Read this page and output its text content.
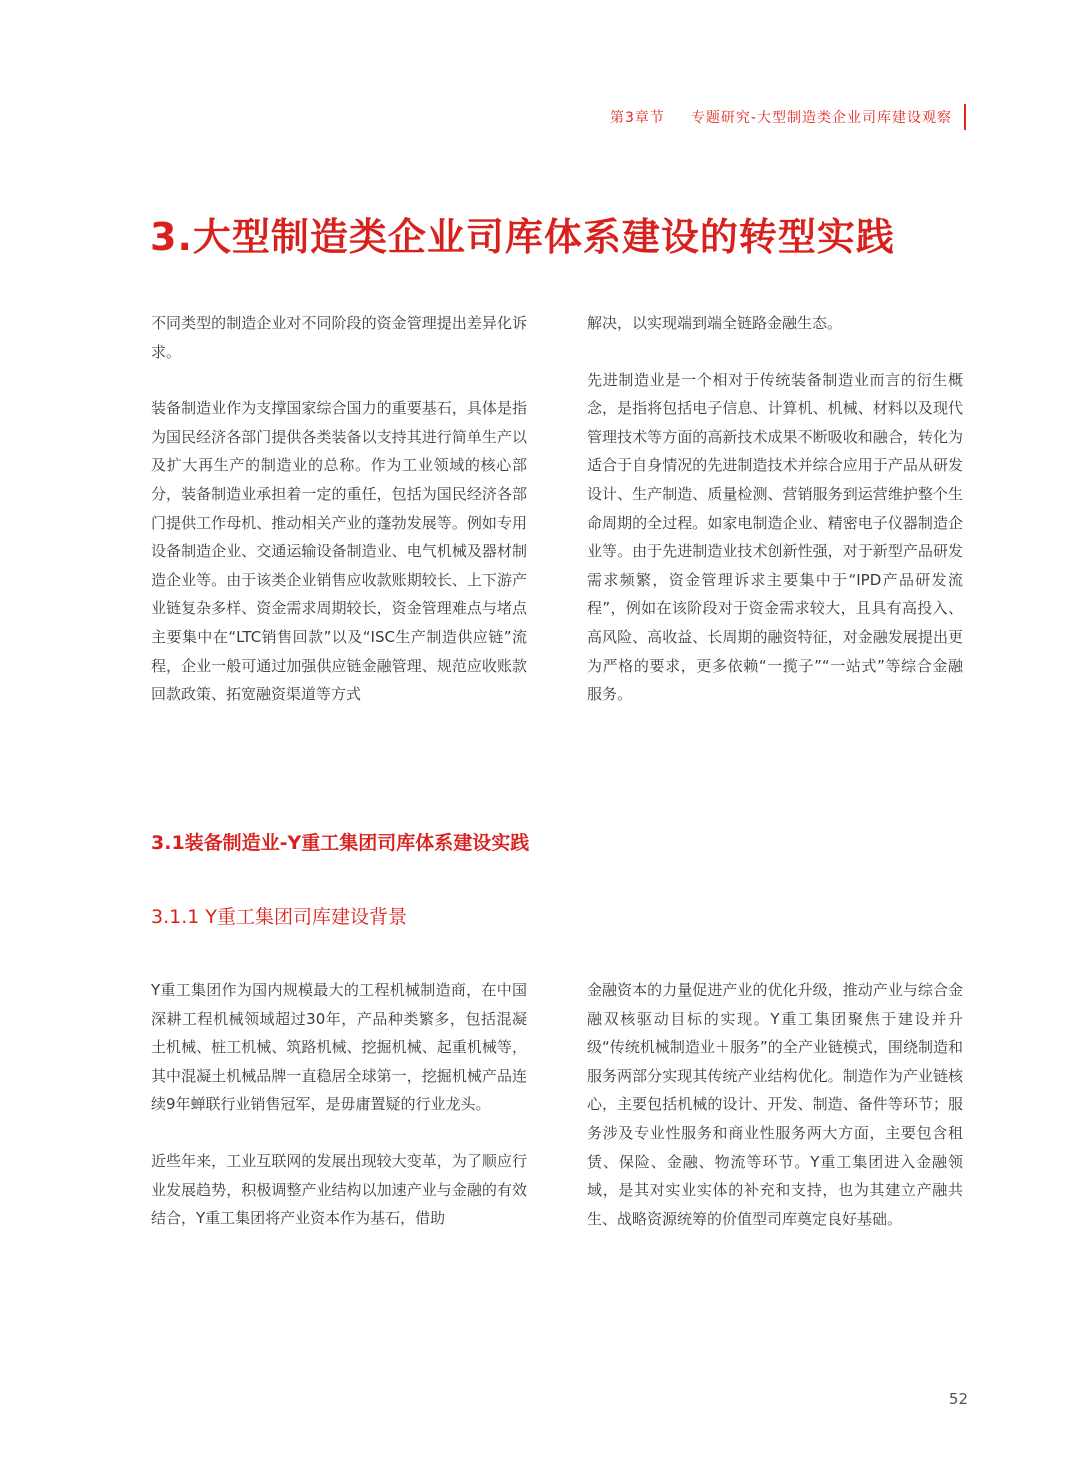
第3章节 专题研究-大型制造类企业司库建设观察
3.大型制造类企业司库体系建设的转型实践

不同类型的制造企业对不同阶段的资金管理提出差异化诉求。

装备制造业作为支撑国家综合国力的重要基石，具体是指为国民经济各部门提供各类装备以支持其进行简单生产以及扩大再生产的制造业的总称。作为工业领域的核心部分，装备制造业承担着一定的重任，包括为国民经济各部门提供工作母机、推动相关产业的蓬勃发展等。例如专用设备制造企业、交通运输设备制造业、电气机械及器材制造企业等。由于该类企业销售应收款账期较长、上下游产业链复杂多样、资金需求周期较长，资金管理难点与堵点主要集中在“LTC销售回款”以及“ISC生产制造供应链”流程，企业一般可通过加强供应链金融管理、规范应收账款回款政策、拓宽融资渠道等方式

解决，以实现端到端全链路金融生态。

先进制造业是一个相对于传统装备制造业而言的衍生概念，是指将包括电子信息、计算机、机械、材料以及现代管理技术等方面的高新技术成果不断吸收和融合，转化为适合于自身情况的先进制造技术并综合应用于产品从研发设计、生产制造、质量检测、营销服务到运营维护整个生命周期的全过程。如家电制造企业、精密电子仪器制造企业等。由于先进制造业技术创新性强，对于新型产品研发需求频繁，资金管理诉求主要集中于“IPD产品研发流程”，例如在该阶段对于资金需求较大，且具有高投入、高风险、高收益、长周期的融资特征，对金融发展提出更为严格的要求，更多依赖“一揽子”“一站式”等综合金融服务。

3.1装备制造业-Y重工集团司库体系建设实践
3.1.1 Y重工集团司库建设背景

Y重工集团作为国内规模最大的工程机械制造商，在中国深耕工程机械领域超过30年，产品种类繁多，包括混凝土机械、桩工机械、筑路机械、挖掘机械、起重机械等，其中混凝土机械品牌一直稳居全球第一，挖掘机械产品连续9年蝉联行业销售冠军，是毋庸置疑的行业龙头。

近些年来，工业互联网的发展出现较大变革，为了顺应行业发展趋势，积极调整产业结构以加速产业与金融的有效结合，Y重工集团将产业资本作为基石，借助

金融资本的力量促进产业的优化升级，推动产业与综合金融双核驱动目标的实现。Y重工集团聚焦于建设并升级“传统机械制造业＋服务”的全产业链模式，围绕制造和服务两部分实现其传统产业结构优化。制造作为产业链核心，主要包括机械的设计、开发、制造、备件等环节；服务涉及专业性服务和商业性服务两大方面，主要包含租赁、保险、金融、物流等环节。Y重工集团进入金融领域，是其对实业实体的补充和支持，也为其建立产融共生、战略资源统筹的价值型司库奠定良好基础。

52
